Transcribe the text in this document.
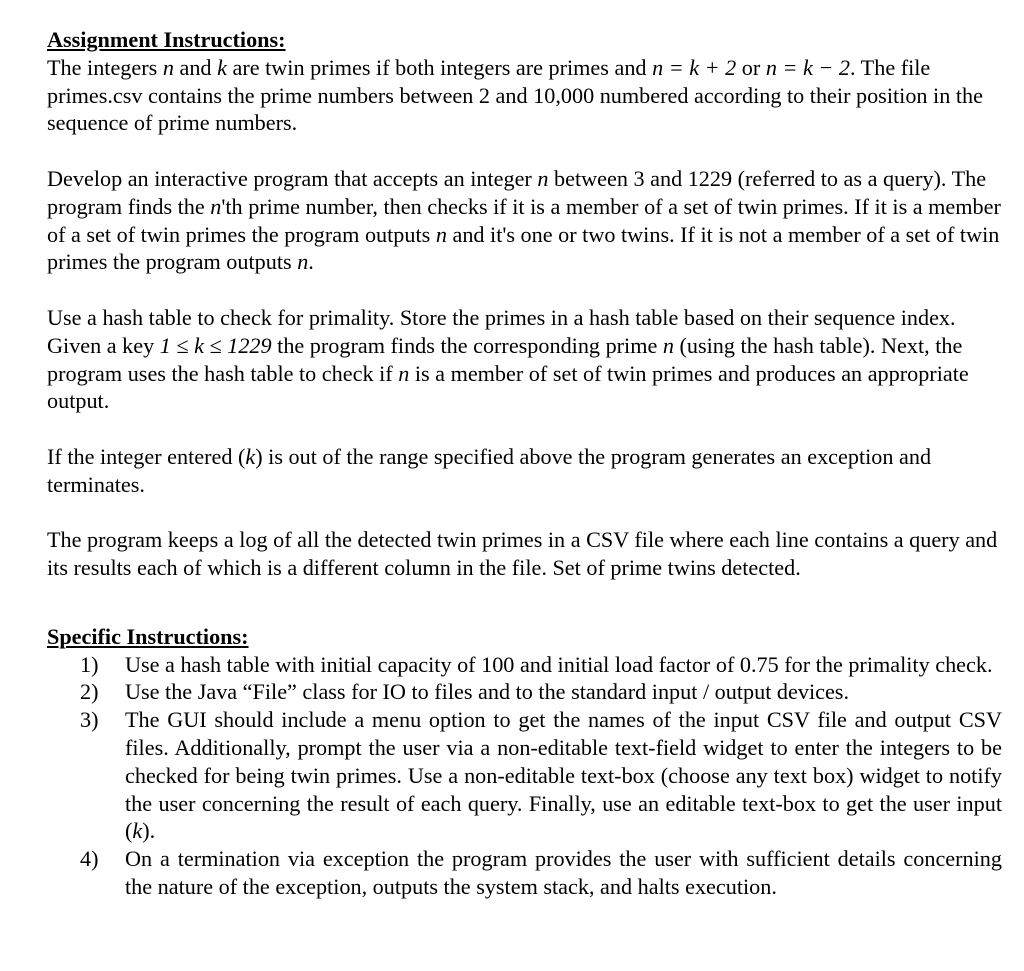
Assignment Instructions:

The integers n and k are twin primes if both integers are primes and n = k + 2 or n = k − 2. The file primes.csv contains the prime numbers between 2 and 10,000 numbered according to their position in the sequence of prime numbers.

Develop an interactive program that accepts an integer n between 3 and 1229 (referred to as a query). The program finds the n'th prime number, then checks if it is a member of a set of twin primes. If it is a member of a set of twin primes the program outputs n and it's one or two twins. If it is not a member of a set of twin primes the program outputs n.

Use a hash table to check for primality. Store the primes in a hash table based on their sequence index. Given a key 1 ≤ k ≤ 1229 the program finds the corresponding prime n (using the hash table). Next, the program uses the hash table to check if n is a member of set of twin primes and produces an appropriate output.

If the integer entered (k) is out of the range specified above the program generates an exception and terminates.

The program keeps a log of all the detected twin primes in a CSV file where each line contains a query and its results each of which is a different column in the file. Set of prime twins detected.

Specific Instructions:
1) Use a hash table with initial capacity of 100 and initial load factor of 0.75 for the primality check.
2) Use the Java “File” class for IO to files and to the standard input / output devices.
3) The GUI should include a menu option to get the names of the input CSV file and output CSV files. Additionally, prompt the user via a non-editable text-field widget to enter the integers to be checked for being twin primes. Use a non-editable text-box (choose any text box) widget to notify the user concerning the result of each query. Finally, use an editable text-box to get the user input (k).
4) On a termination via exception the program provides the user with sufficient details concerning the nature of the exception, outputs the system stack, and halts execution.
